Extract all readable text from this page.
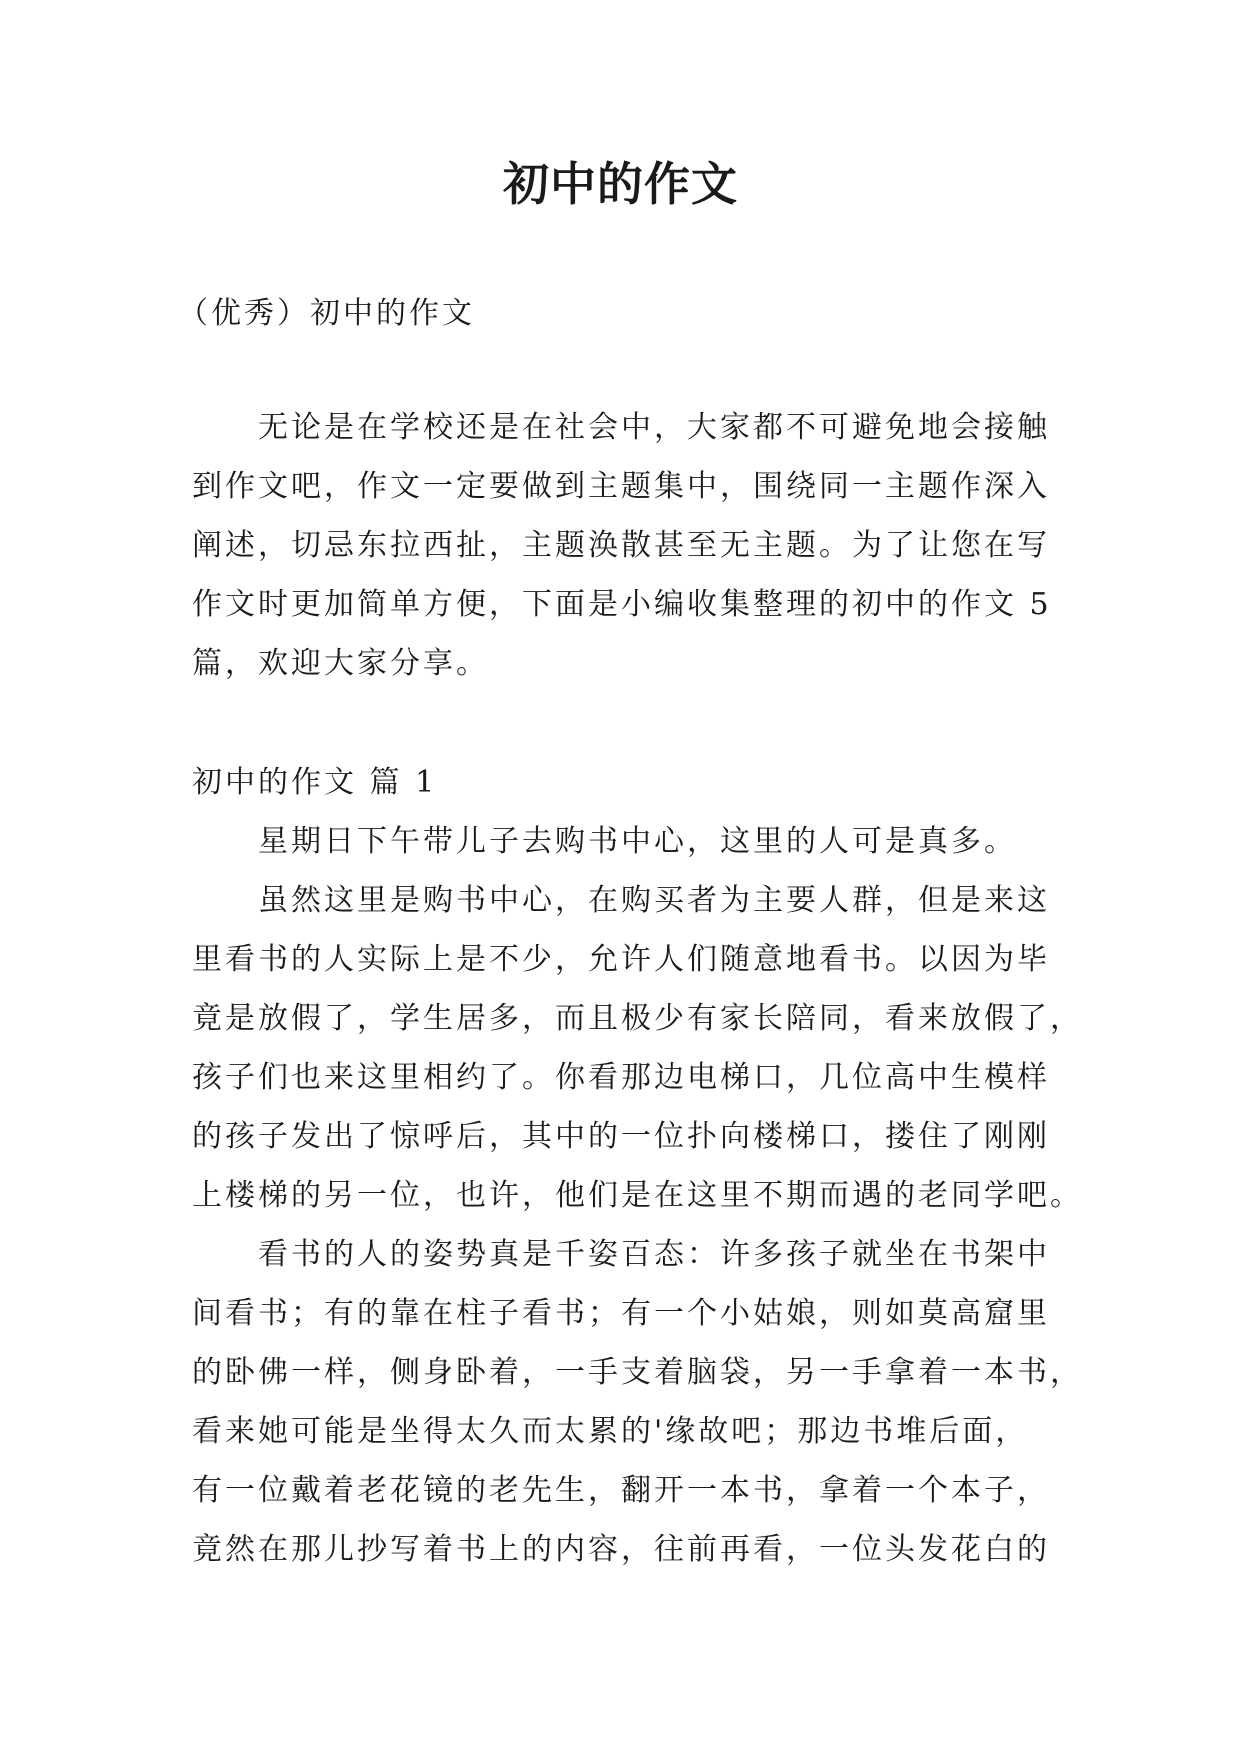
初中的作文
（优秀）初中的作文
无论是在学校还是在社会中，大家都不可避免地会接触
到作文吧，作文一定要做到主题集中，围绕同一主题作深入
阐述，切忌东拉西扯，主题涣散甚至无主题。为了让您在写
作文时更加简单方便，下面是小编收集整理的初中的作文 5
篇，欢迎大家分享。
初中的作文 篇 1
星期日下午带儿子去购书中心，这里的人可是真多。
虽然这里是购书中心，在购买者为主要人群，但是来这
里看书的人实际上是不少，允许人们随意地看书。以因为毕
竟是放假了，学生居多，而且极少有家长陪同，看来放假了，
孩子们也来这里相约了。你看那边电梯口，几位高中生模样
的孩子发出了惊呼后，其中的一位扑向楼梯口，搂住了刚刚
上楼梯的另一位，也许，他们是在这里不期而遇的老同学吧。
看书的人的姿势真是千姿百态：许多孩子就坐在书架中
间看书；有的靠在柱子看书；有一个小姑娘，则如莫高窟里
的卧佛一样，侧身卧着，一手支着脑袋，另一手拿着一本书，
看来她可能是坐得太久而太累的'缘故吧；那边书堆后面，
有一位戴着老花镜的老先生，翻开一本书，拿着一个本子，
竟然在那儿抄写着书上的内容，往前再看，一位头发花白的
